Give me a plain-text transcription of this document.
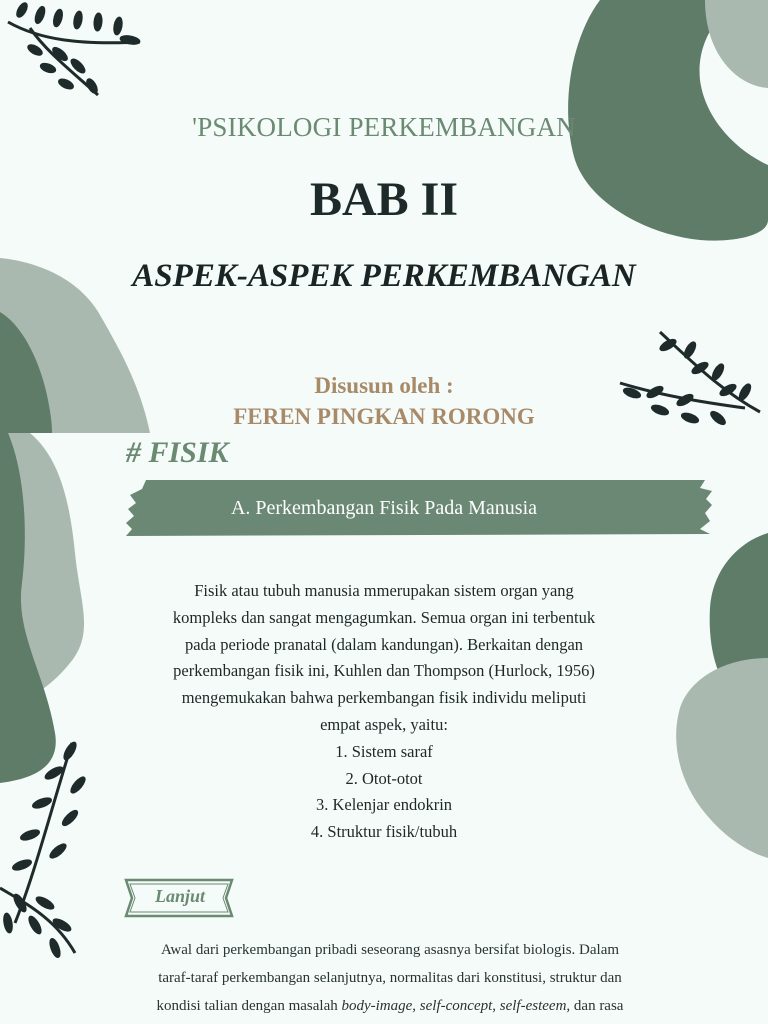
'PSIKOLOGI PERKEMBANGAN
BAB II
ASPEK-ASPEK PERKEMBANGAN
Disusun oleh :
FEREN PINGKAN RORONG
# FISIK
A. Perkembangan Fisik Pada Manusia
Fisik atau tubuh manusia mmerupakan sistem organ yang
kompleks dan sangat mengagumkan. Semua organ ini terbentuk
pada periode pranatal (dalam kandungan). Berkaitan dengan
perkembangan fisik ini, Kuhlen dan Thompson (Hurlock, 1956)
mengemukakan bahwa perkembangan fisik individu meliputi
empat aspek, yaitu:
1. Sistem saraf
2. Otot-otot
3. Kelenjar endokrin
4. Struktur fisik/tubuh
Lanjut
Awal dari perkembangan pribadi seseorang asasnya bersifat biologis. Dalam
taraf-taraf perkembangan selanjutnya, normalitas dari konstitusi, struktur dan
kondisi talian dengan masalah body-image, self-concept, self-esteem, dan rasa
